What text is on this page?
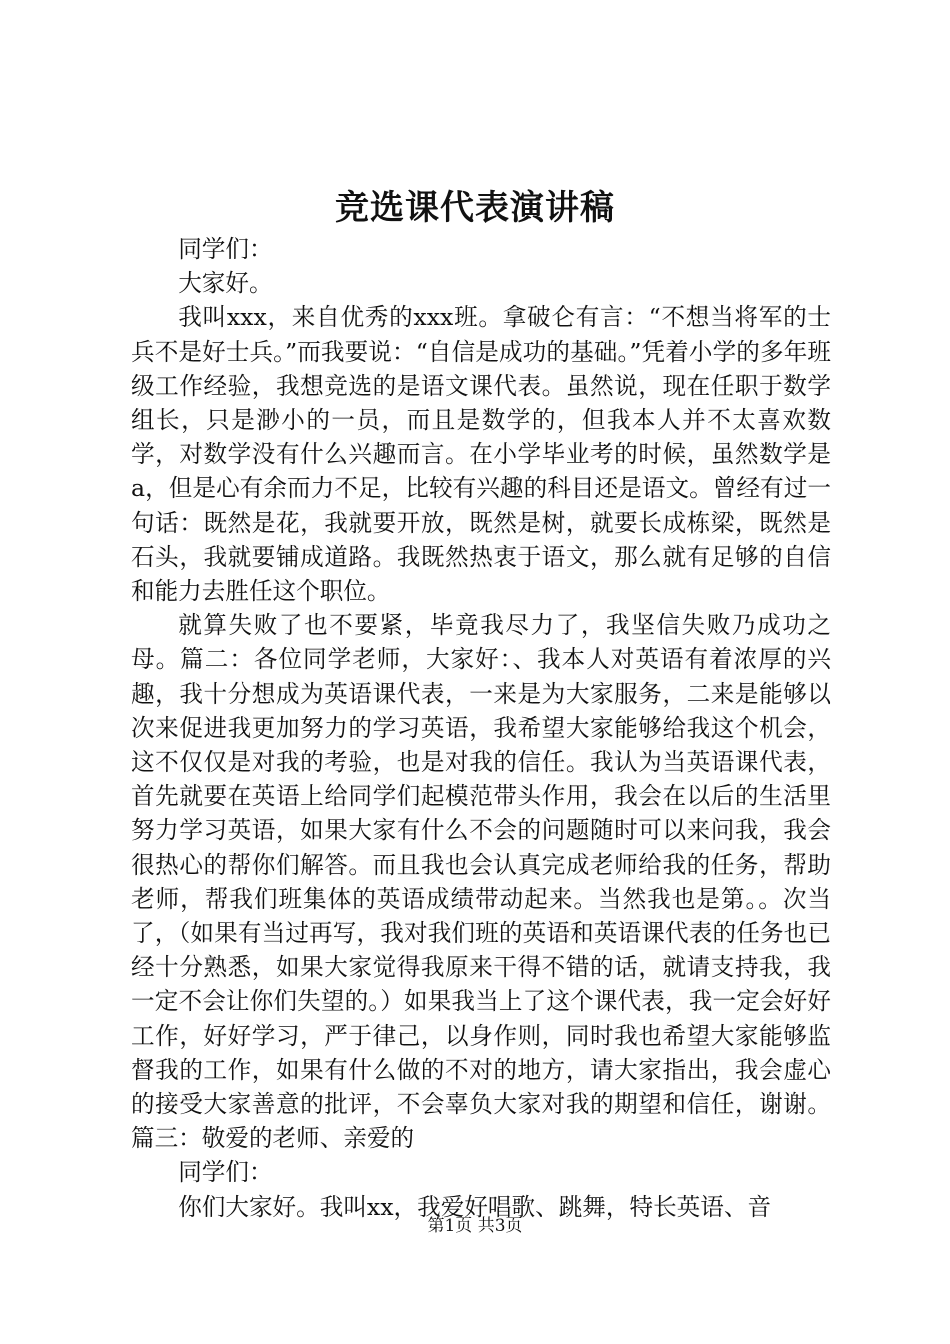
竞选课代表演讲稿

同学们：

大家好。

我叫xxx，来自优秀的xxx班。拿破仑有言：“不想当将军的士兵不是好士兵。”而我要说：“自信是成功的基础。”凭着小学的多年班级工作经验，我想竞选的是语文课代表。虽然说，现在任职于数学组长，只是渺小的一员，而且是数学的，但我本人并不太喜欢数学，对数学没有什么兴趣而言。在小学毕业考的时候，虽然数学是a，但是心有余而力不足，比较有兴趣的科目还是语文。曾经有过一句话：既然是花，我就要开放，既然是树，就要长成栋梁，既然是石头，我就要铺成道路。我既然热衷于语文，那么就有足够的自信和能力去胜任这个职位。

就算失败了也不要紧，毕竟我尽力了，我坚信失败乃成功之母。篇二：各位同学老师，大家好：、我本人对英语有着浓厚的兴趣，我十分想成为英语课代表，一来是为大家服务，二来是能够以次来促进我更加努力的学习英语，我希望大家能够给我这个机会，这不仅仅是对我的考验，也是对我的信任。我认为当英语课代表，首先就要在英语上给同学们起模范带头作用，我会在以后的生活里努力学习英语，如果大家有什么不会的问题随时可以来问我，我会很热心的帮你们解答。而且我也会认真完成老师给我的任务，帮助老师，帮我们班集体的英语成绩带动起来。当然我也是第。。次当了，（如果有当过再写，我对我们班的英语和英语课代表的任务也已经十分熟悉，如果大家觉得我原来干得不错的话，就请支持我，我一定不会让你们失望的。）如果我当上了这个课代表，我一定会好好工作，好好学习，严于律己，以身作则，同时我也希望大家能够监督我的工作，如果有什么做的不对的地方，请大家指出，我会虚心的接受大家善意的批评，不会辜负大家对我的期望和信任，谢谢。篇三：敬爱的老师、亲爱的

同学们：

你们大家好。我叫xx，我爱好唱歌、跳舞，特长英语、音

第1页 共3页
